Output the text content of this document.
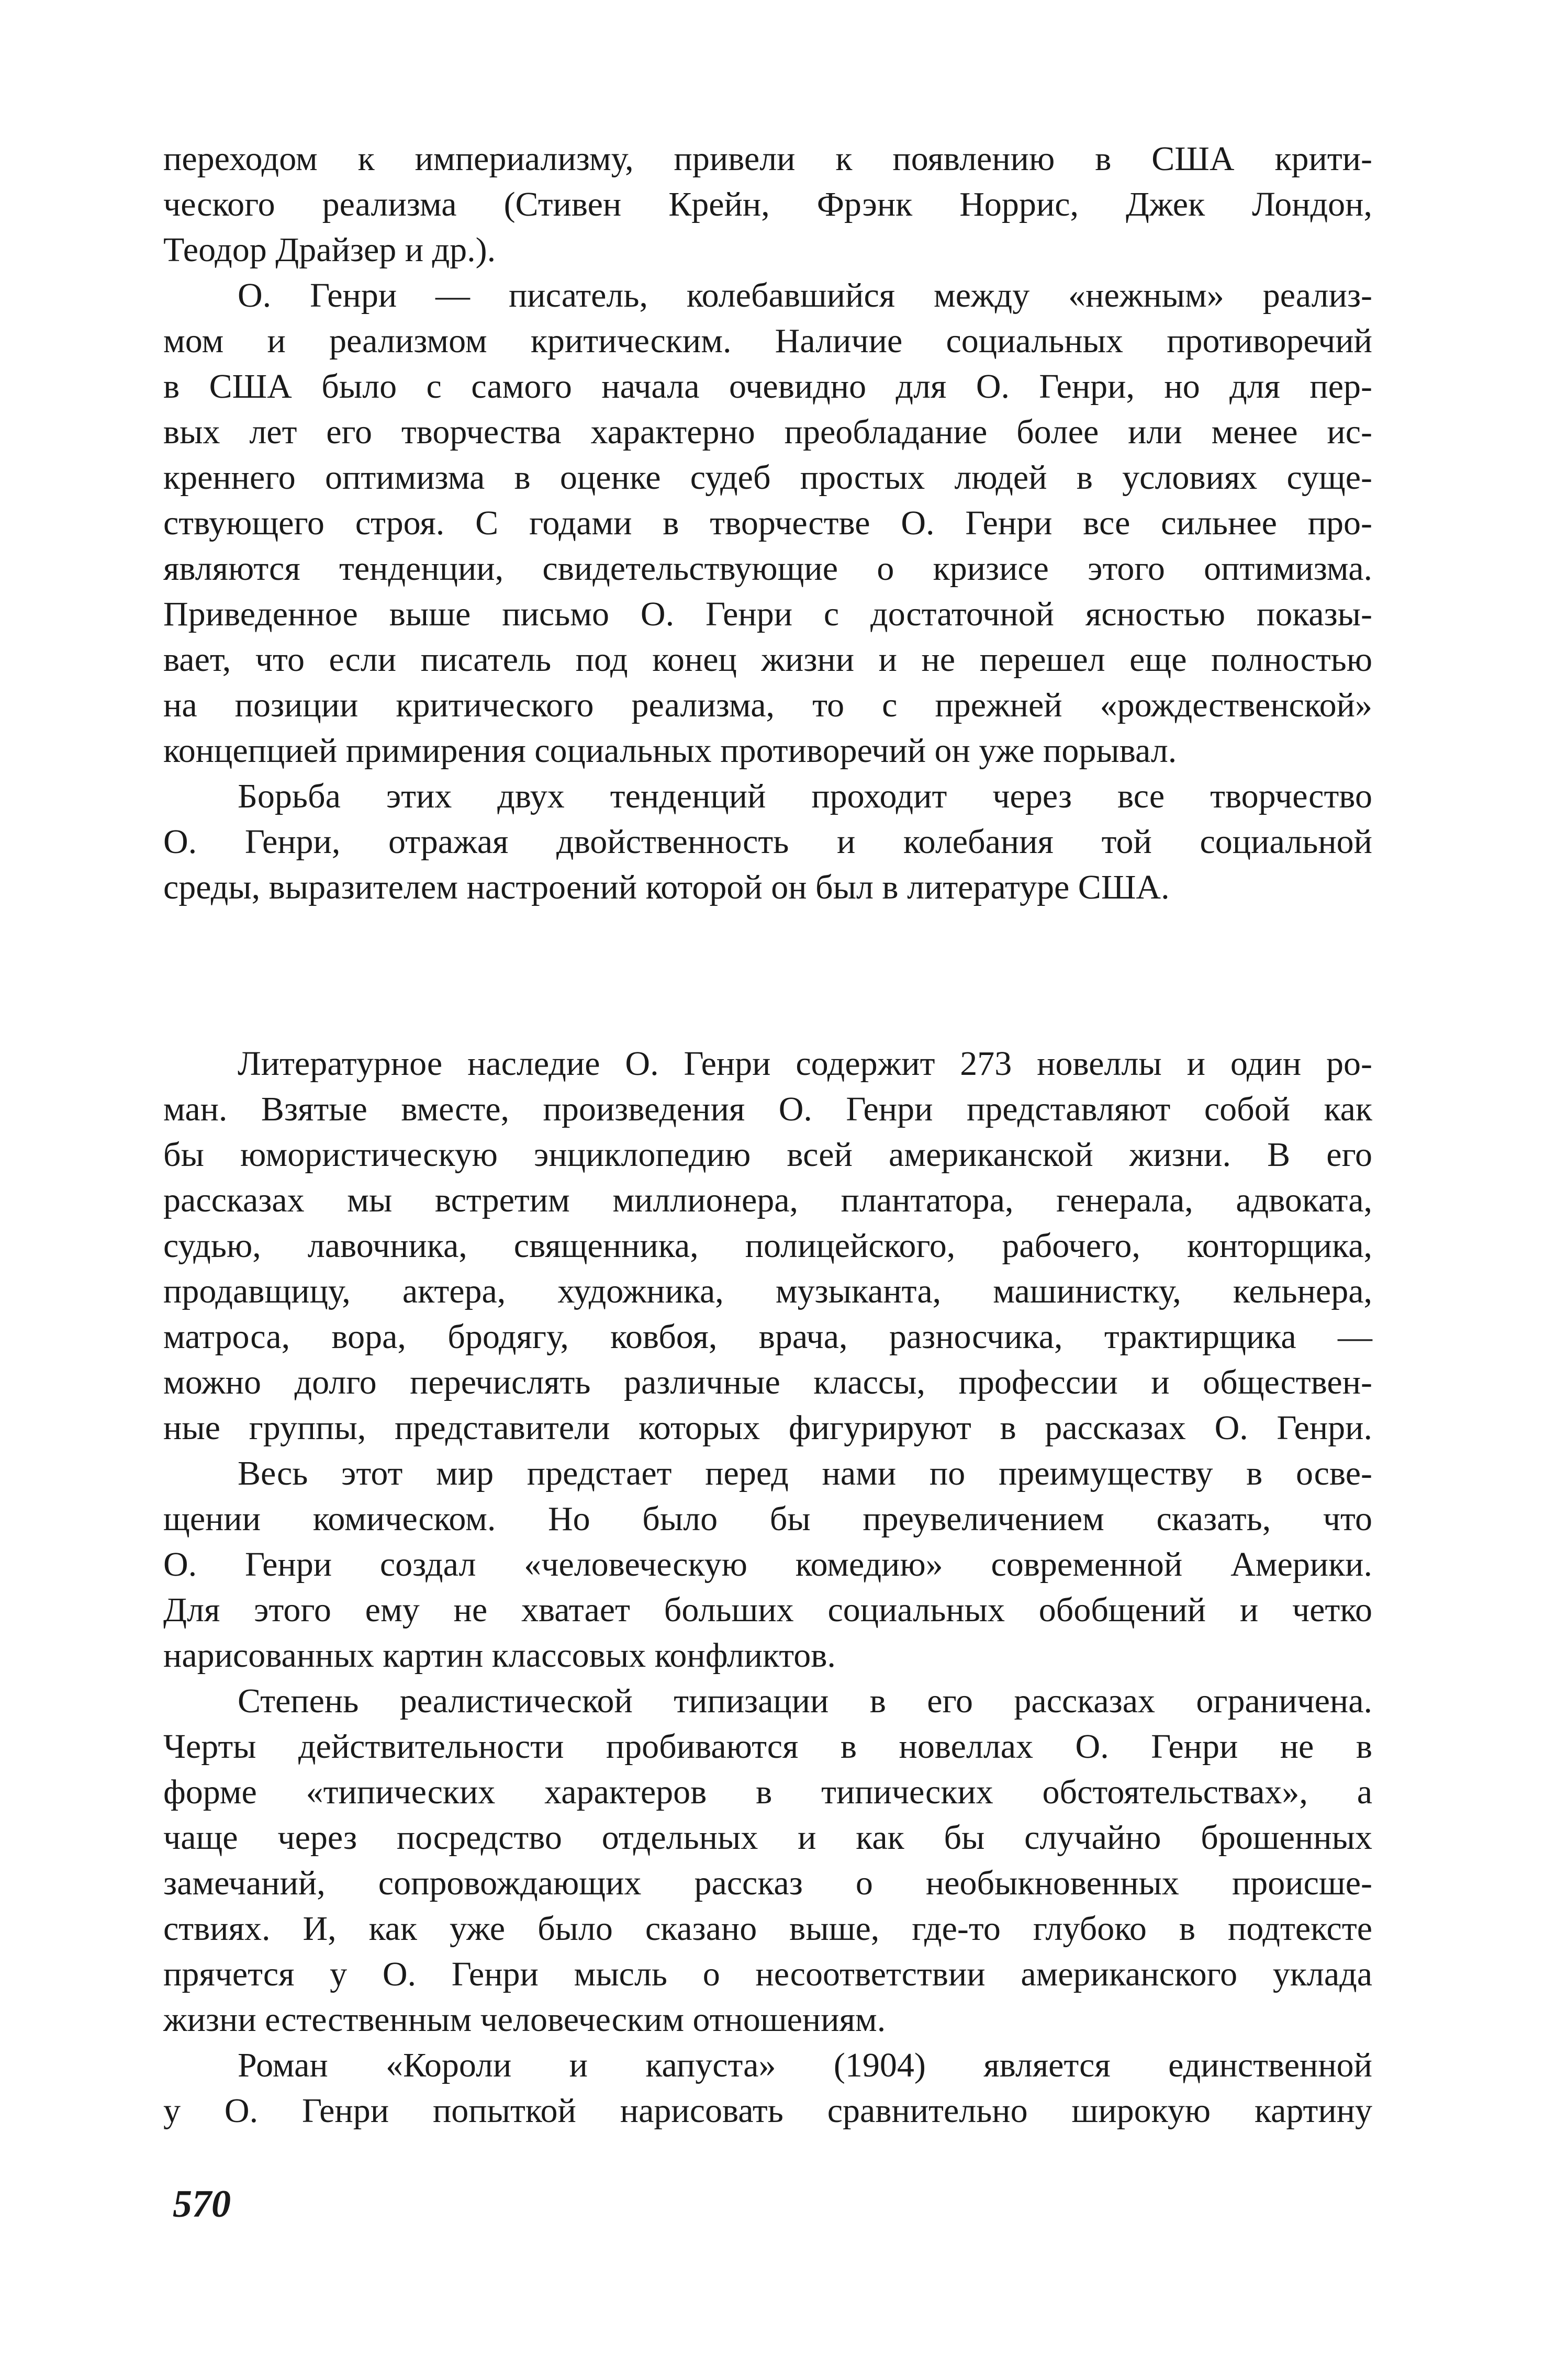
переходом к империализму, привели к появлению в США крити-
ческого реализма (Стивен Крейн, Фрэнк Норрис, Джек Лондон,
Теодор Драйзер и др.).
О. Генри — писатель, колебавшийся между «нежным» реализ-
мом и реализмом критическим. Наличие социальных противоречий
в США было с самого начала очевидно для О. Генри, но для пер-
вых лет его творчества характерно преобладание более или менее ис-
креннего оптимизма в оценке судеб простых людей в условиях суще-
ствующего строя. С годами в творчестве О. Генри все сильнее про-
являются тенденции, свидетельствующие о кризисе этого оптимизма.
Приведенное выше письмо О. Генри с достаточной ясностью показы-
вает, что если писатель под конец жизни и не перешел еще полностью
на позиции критического реализма, то с прежней «рождественской»
концепцией примирения социальных противоречий он уже порывал.
Борьба этих двух тенденций проходит через все творчество
О. Генри, отражая двойственность и колебания той социальной
среды, выразителем настроений которой он был в литературе США.
Литературное наследие О. Генри содержит 273 новеллы и один ро-
ман. Взятые вместе, произведения О. Генри представляют собой как
бы юмористическую энциклопедию всей американской жизни. В его
рассказах мы встретим миллионера, плантатора, генерала, адвоката,
судью, лавочника, священника, полицейского, рабочего, конторщика,
продавщицу, актера, художника, музыканта, машинистку, кельнера,
матроса, вора, бродягу, ковбоя, врача, разносчика, трактирщика —
можно долго перечислять различные классы, профессии и обществен-
ные группы, представители которых фигурируют в рассказах О. Генри.
Весь этот мир предстает перед нами по преимуществу в осве-
щении комическом. Но было бы преувеличением сказать, что
О. Генри создал «человеческую комедию» современной Америки.
Для этого ему не хватает больших социальных обобщений и четко
нарисованных картин классовых конфликтов.
Степень реалистической типизации в его рассказах ограничена.
Черты действительности пробиваются в новеллах О. Генри не в
форме «типических характеров в типических обстоятельствах», а
чаще через посредство отдельных и как бы случайно брошенных
замечаний, сопровождающих рассказ о необыкновенных происше-
ствиях. И, как уже было сказано выше, где-то глубоко в подтексте
прячется у О. Генри мысль о несоответствии американского уклада
жизни естественным человеческим отношениям.
Роман «Короли и капуста» (1904) является единственной
у О. Генри попыткой нарисовать сравнительно широкую картину
570
